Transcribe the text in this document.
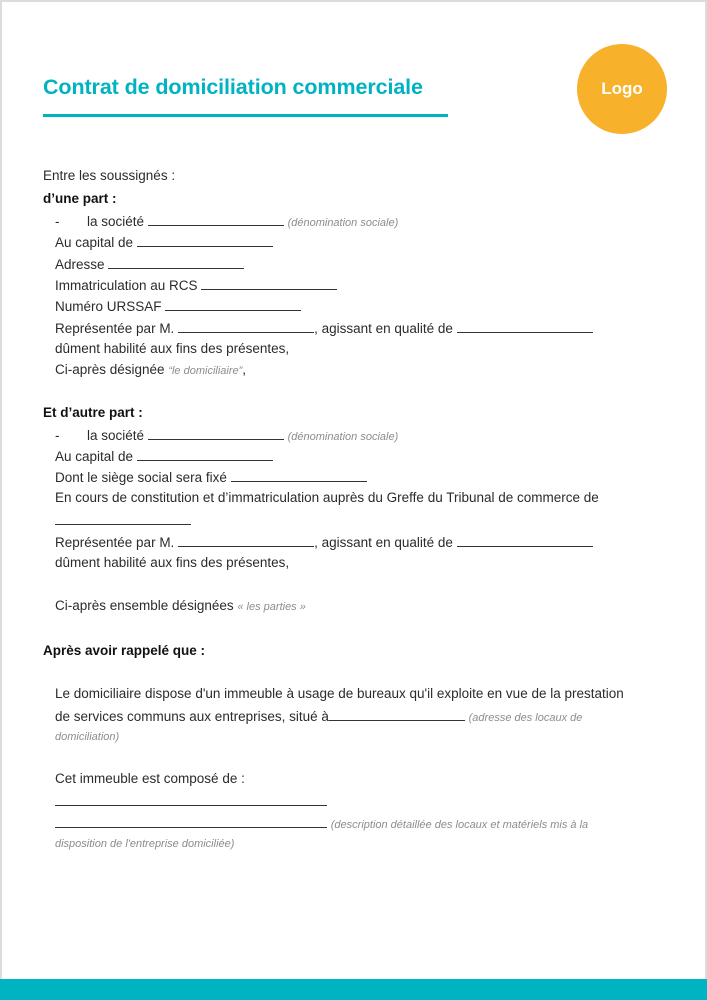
Contrat de domiciliation commerciale	Logo
Entre les soussignés :
d’une part :
- la société	(dénomination sociale)
Au capital de
Adresse
Immatriculation au RCS
Numéro URSSAF
Représentée par M.	, agissant en qualité de
dûment habilité aux fins des présentes,
Ci-après désignée “le domiciliaire”,
Et d’autre part :
- la société	(dénomination sociale)
Au capital de
Dont le siège social sera fixé
En cours de constitution et d’immatriculation auprès du Greffe du Tribunal de commerce de
Représentée par M.	, agissant en qualité de
dûment habilité aux fins des présentes,
Ci-après ensemble désignées « les parties »
Après avoir rappelé que :
Le domiciliaire dispose d'un immeuble à usage de bureaux qu'il exploite en vue de la prestation
de services communs aux entreprises, situé à	(adresse des locaux de
domiciliation)
Cet immeuble est composé de :
(description détaillée des locaux et matériels mis à la
disposition de l'entreprise domiciliée)
